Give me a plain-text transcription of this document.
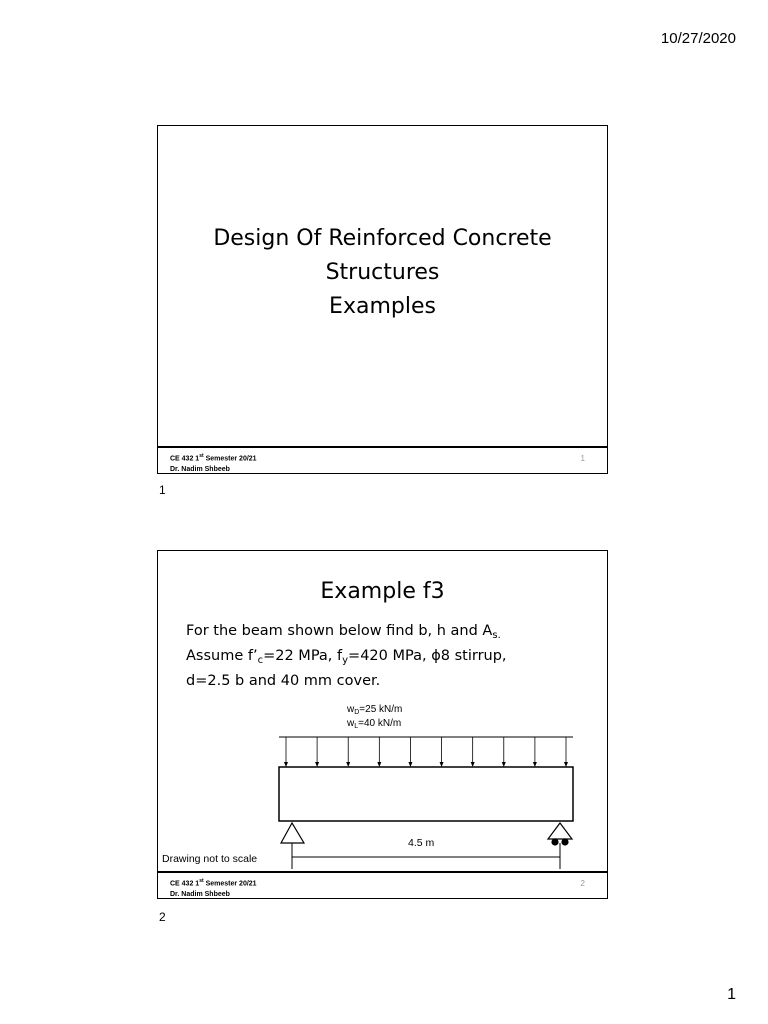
10/27/2020
Design Of Reinforced Concrete
Structures
Examples
CE 432 1st Semester 20/21
Dr. Nadim Shbeeb
1
1
Example f3
For the beam shown below find b, h and $A_{s.}$
Assume $f’_c=22$ MPa, $f_y=420$ MPa, ϕ8 stirrup,
d=2.5 b and 40 mm cover.
$w_D=25$ kN/m
$w_L=40$ kN/m
4.5 m
Drawing not to scale
CE 432 1st Semester 20/21
Dr. Nadim Shbeeb
2
2
1
